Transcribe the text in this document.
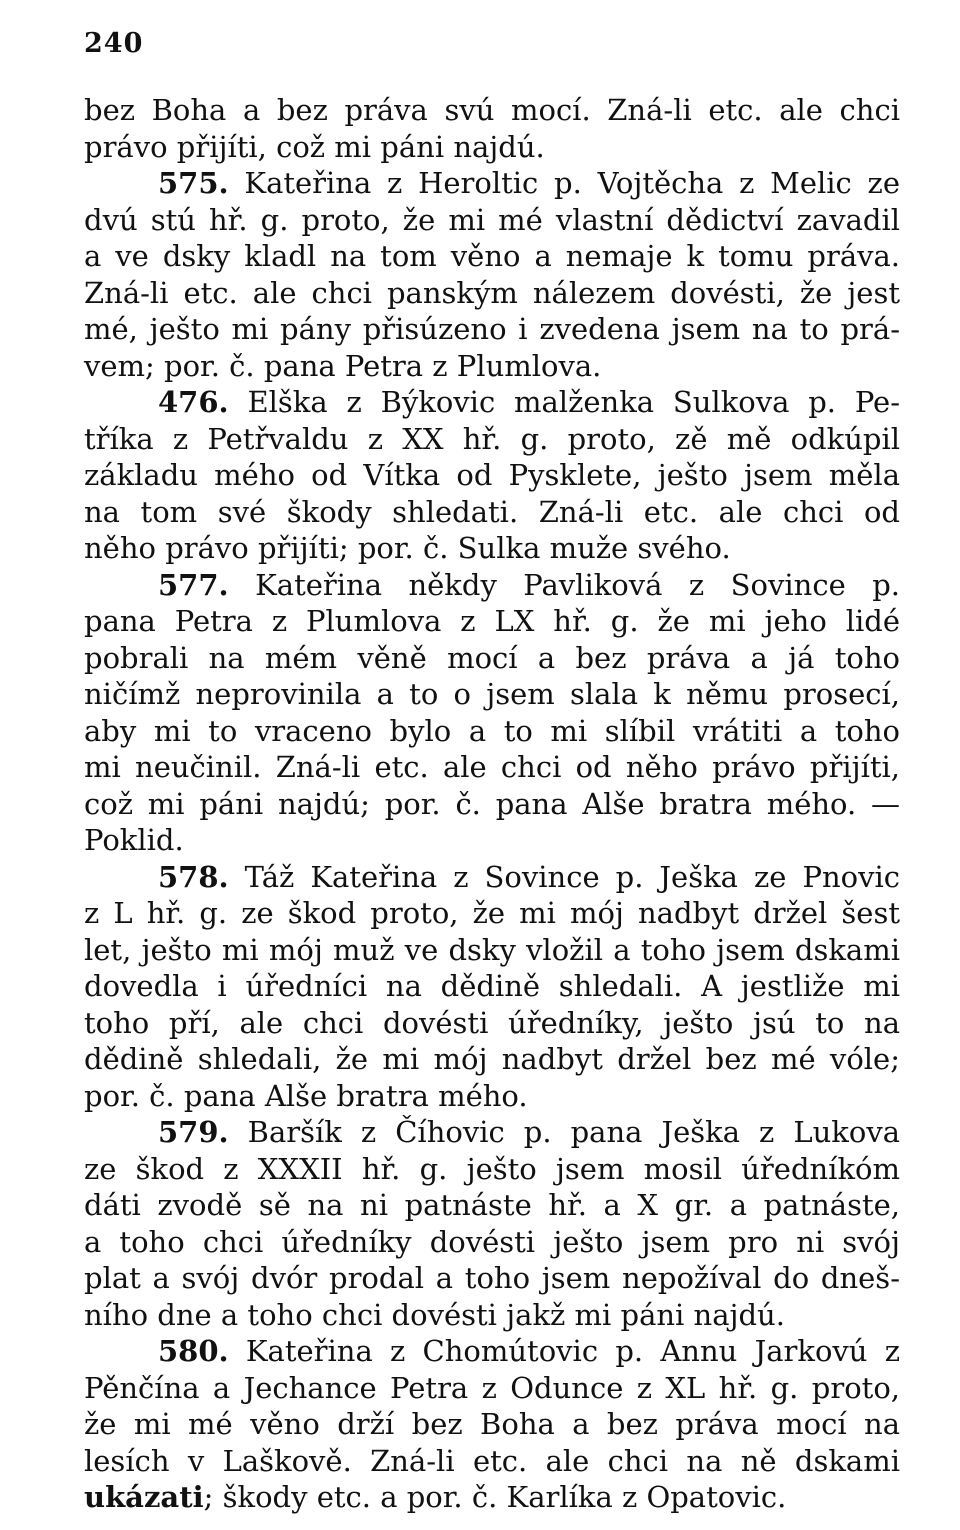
240
bez Boha a bez práva svú mocí. Zná-li etc. ale chci
právo přijíti, což mi páni najdú.
575. Kateřina z Heroltic p. Vojtěcha z Melic ze
dvú stú hř. g. proto, že mi mé vlastní dědictví zavadil
a ve dsky kladl na tom věno a nemaje k tomu práva.
Zná-li etc. ale chci panským nálezem dovésti, že jest
mé, ješto mi pány přisúzeno i zvedena jsem na to prá-
vem; por. č. pana Petra z Plumlova.
476. Elška z Býkovic malženka Sulkova p. Pe-
tříka z Petřvaldu z XX hř. g. proto, zě mě odkúpil
základu mého od Vítka od Pysklete, ješto jsem měla
na tom své škody shledati. Zná-li etc. ale chci od
něho právo přijíti; por. č. Sulka muže svého.
577. Kateřina někdy Pavliková z Sovince p.
pana Petra z Plumlova z LX hř. g. že mi jeho lidé
pobrali na mém věně mocí a bez práva a já toho
ničímž neprovinila a to o jsem slala k němu prosecí,
aby mi to vraceno bylo a to mi slíbil vrátiti a toho
mi neučinil. Zná-li etc. ale chci od něho právo přijíti,
což mi páni najdú; por. č. pana Alše bratra mého. —
Poklid.
578. Táž Kateřina z Sovince p. Ješka ze Pnovic
z L hř. g. ze škod proto, že mi mój nadbyt držel šest
let, ješto mi mój muž ve dsky vložil a toho jsem dskami
dovedla i úředníci na dědině shledali. A jestliže mi
toho pří, ale chci dovésti úředníky, ješto jsú to na
dědině shledali, že mi mój nadbyt držel bez mé vóle;
por. č. pana Alše bratra mého.
579. Baršík z Číhovic p. pana Ješka z Lukova
ze škod z XXXII hř. g. ješto jsem mosil úředníkóm
dáti zvodě sě na ni patnáste hř. a X gr. a patnáste,
a toho chci úředníky dovésti ješto jsem pro ni svój
plat a svój dvór prodal a toho jsem nepožíval do dneš-
ního dne a toho chci dovésti jakž mi páni najdú.
580. Kateřina z Chomútovic p. Annu Jarkovú z
Pěnčína a Jechance Petra z Odunce z XL hř. g. proto,
že mi mé věno drží bez Boha a bez práva mocí na
lesích v Laškově. Zná-li etc. ale chci na ně dskami
ukázati; škody etc. a por. č. Karlíka z Opatovic.
